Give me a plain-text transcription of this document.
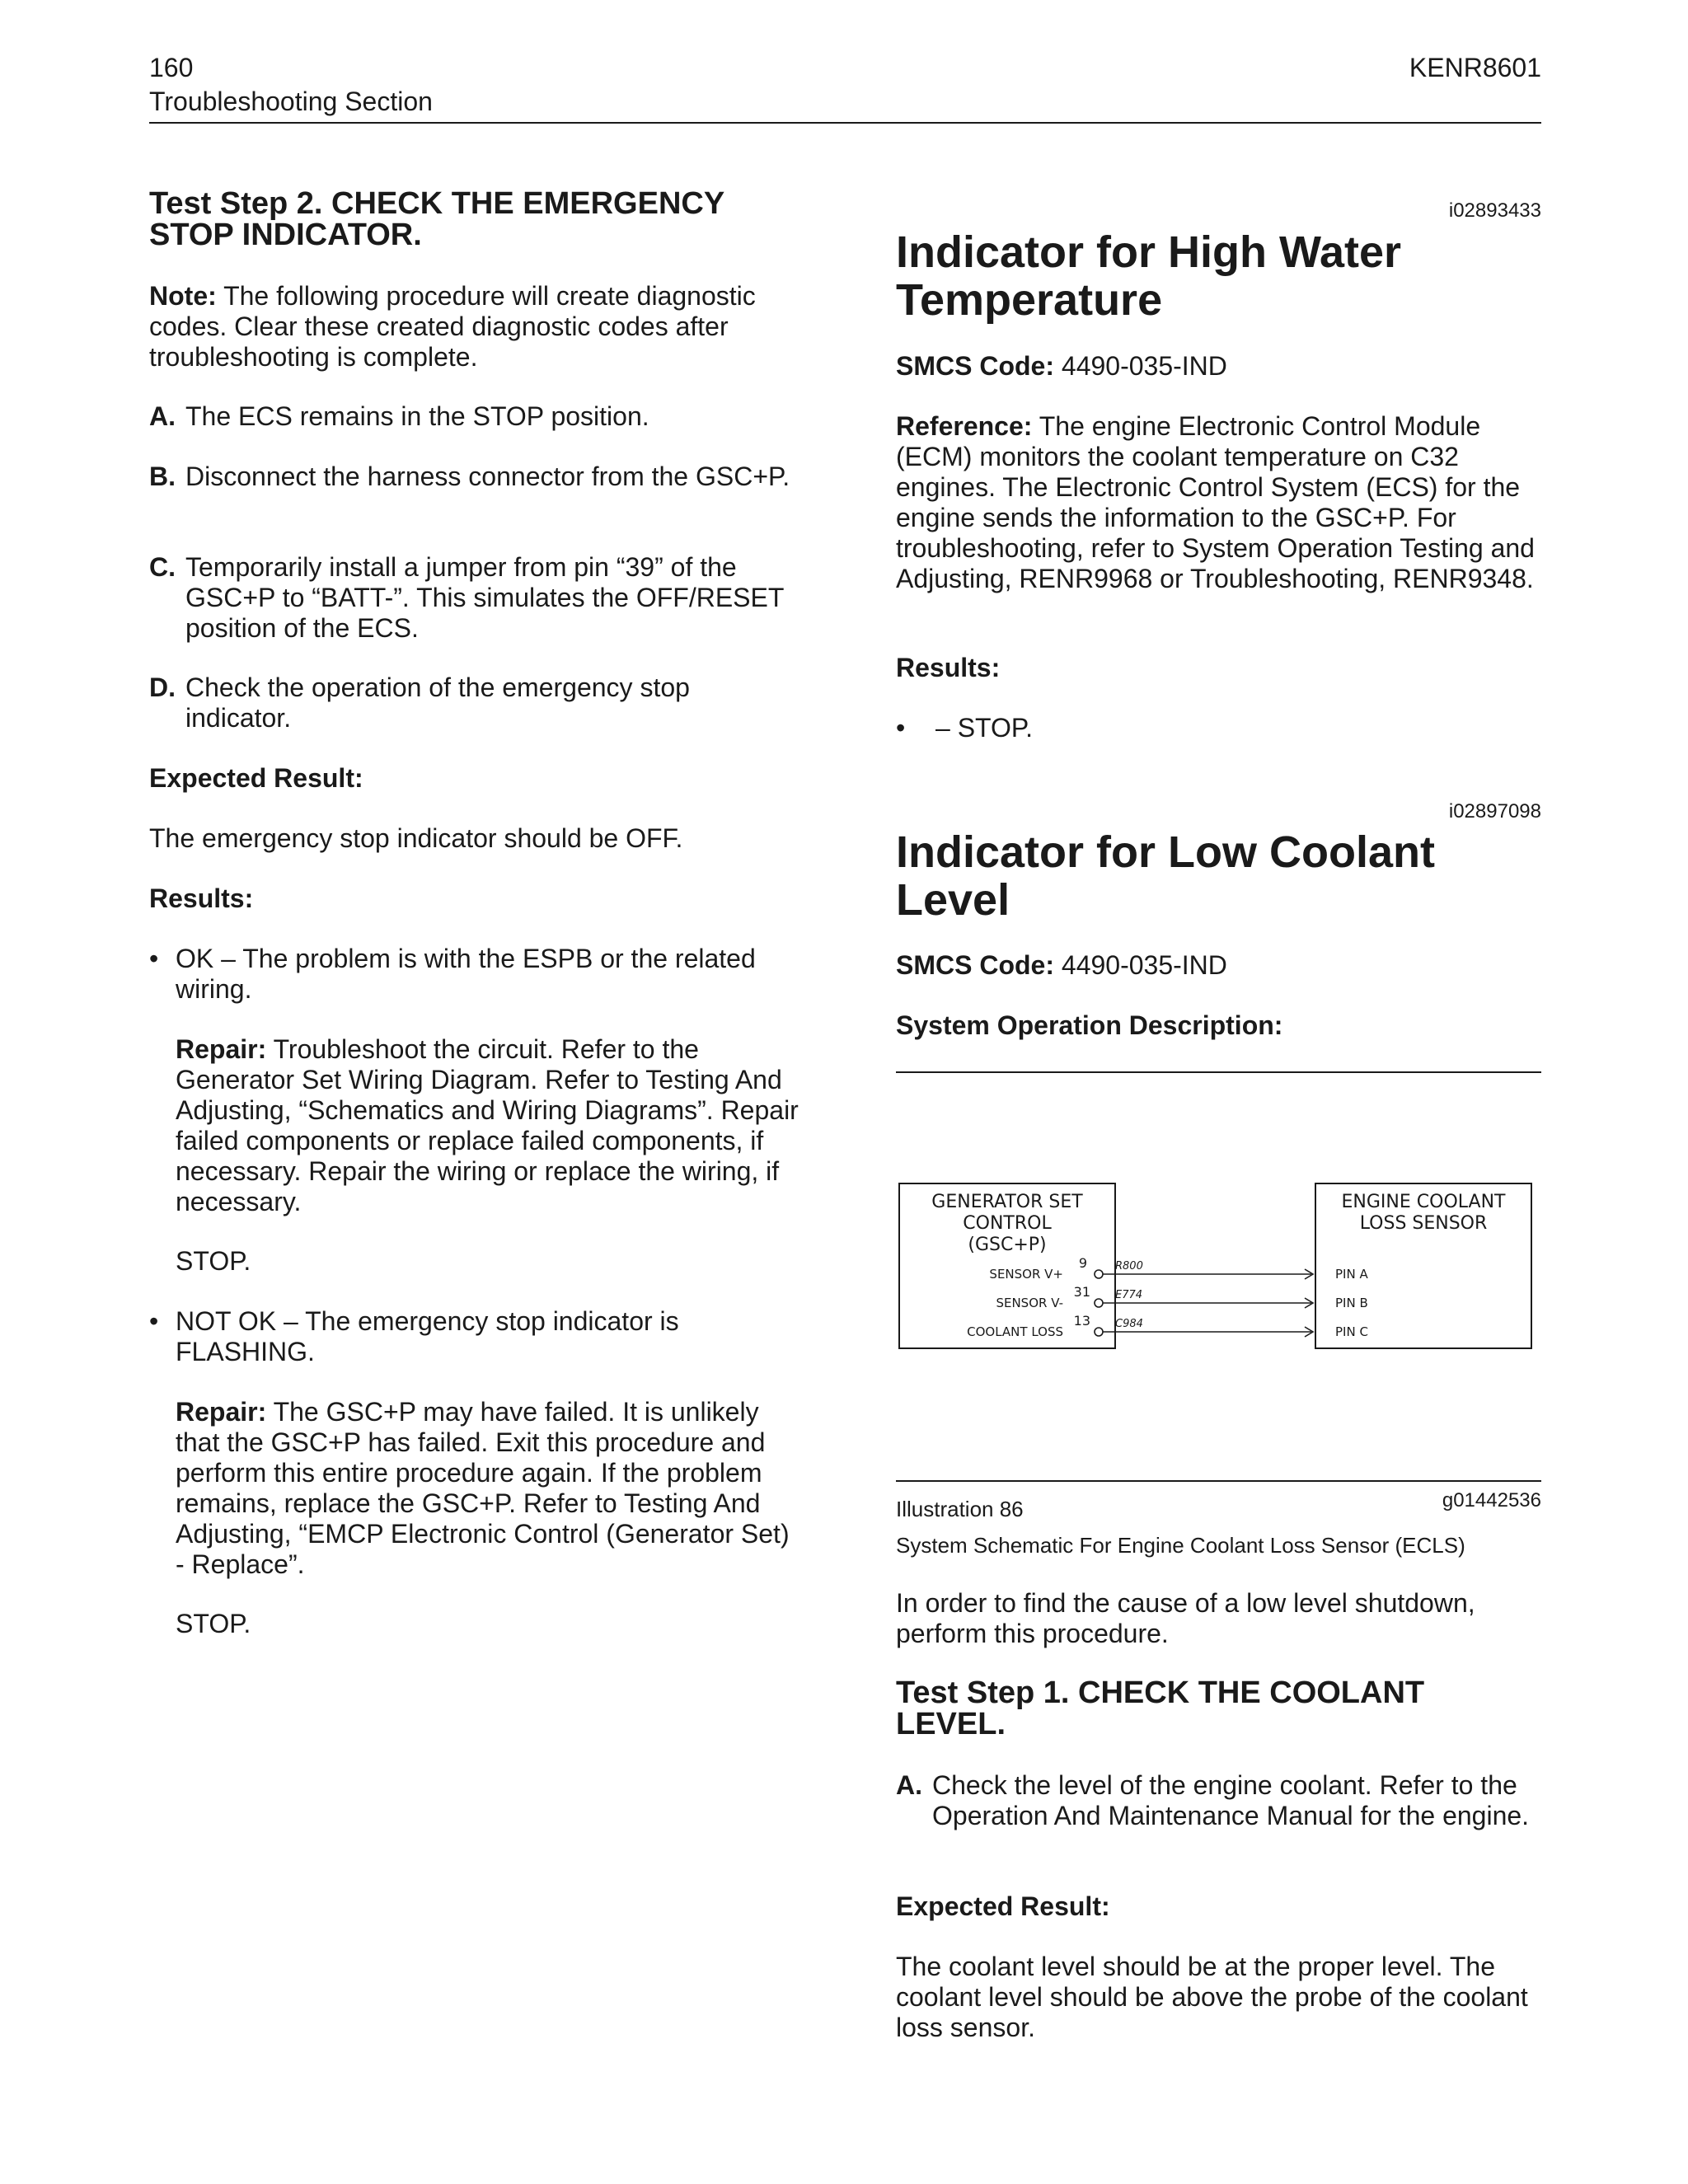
160	KENR8601
Troubleshooting Section
Test Step 2. CHECK THE EMERGENCY STOP INDICATOR.
Note: The following procedure will create diagnostic codes. Clear these created diagnostic codes after troubleshooting is complete.
A. The ECS remains in the STOP position.
B. Disconnect the harness connector from the GSC+P.
C. Temporarily install a jumper from pin “39” of the GSC+P to “BATT-”. This simulates the OFF/RESET position of the ECS.
D. Check the operation of the emergency stop indicator.
Expected Result:
The emergency stop indicator should be OFF.
Results:
• OK – The problem is with the ESPB or the related wiring.
Repair: Troubleshoot the circuit. Refer to the Generator Set Wiring Diagram. Refer to Testing And Adjusting, “Schematics and Wiring Diagrams”. Repair failed components or replace failed components, if necessary. Repair the wiring or replace the wiring, if necessary.
STOP.
• NOT OK – The emergency stop indicator is FLASHING.
Repair: The GSC+P may have failed. It is unlikely that the GSC+P has failed. Exit this procedure and perform this entire procedure again. If the problem remains, replace the GSC+P. Refer to Testing And Adjusting, “EMCP Electronic Control (Generator Set) - Replace”.
STOP.
i02893433
Indicator for High Water Temperature
SMCS Code: 4490-035-IND
Reference: The engine Electronic Control Module (ECM) monitors the coolant temperature on C32 engines. The Electronic Control System (ECS) for the engine sends the information to the GSC+P. For troubleshooting, refer to System Operation Testing and Adjusting, RENR9968 or Troubleshooting, RENR9348.
Results:
• – STOP.
i02897098
Indicator for Low Coolant Level
SMCS Code: 4490-035-IND
System Operation Description:
GENERATOR SET
CONTROL
(GSC+P)
ENGINE COOLANT
LOSS SENSOR
SENSOR V+
9	R800
PIN A
SENSOR V-
31 E774
PIN B
COOLANT LOSS
13 C984
PIN C
Illustration 86	g01442536
System Schematic For Engine Coolant Loss Sensor (ECLS)
In order to find the cause of a low level shutdown, perform this procedure.
Test Step 1. CHECK THE COOLANT LEVEL.
A. Check the level of the engine coolant. Refer to the Operation And Maintenance Manual for the engine.
Expected Result:
The coolant level should be at the proper level. The coolant level should be above the probe of the coolant loss sensor.
